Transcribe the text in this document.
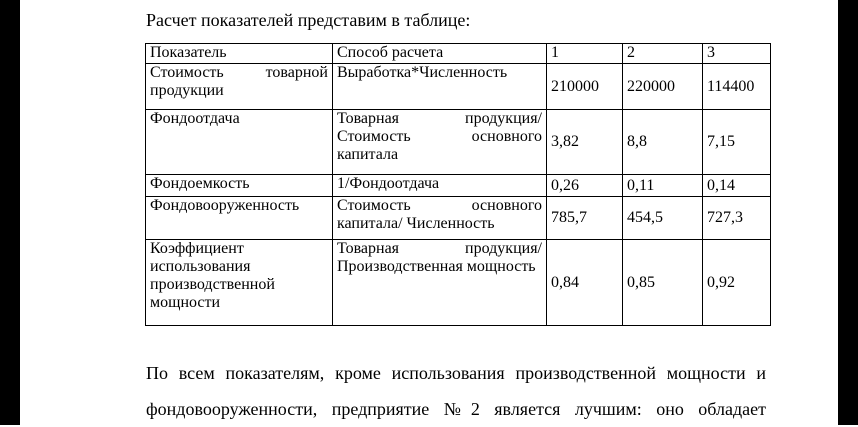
Расчет показателей представим в таблице:
Показатель	Способ расчета	1	2	3
Стоимость товарной продукции	Выработка*Численность	210000	220000	114400
Фондоотдача	Товарная продукция/ Стоимость основного капитала	3,82	8,8	7,15
Фондоемкость	1/Фондоотдача	0,26	0,11	0,14
Фондовооруженность	Стоимость основного капитала/ Численность	785,7	454,5	727,3
Коэффициент использования производственной мощности	Товарная продукция/ Производственная мощность	0,84	0,85	0,92
По всем показателям, кроме использования производственной мощности и
фондовооруженности, предприятие №2 является лучшим: оно обладает
